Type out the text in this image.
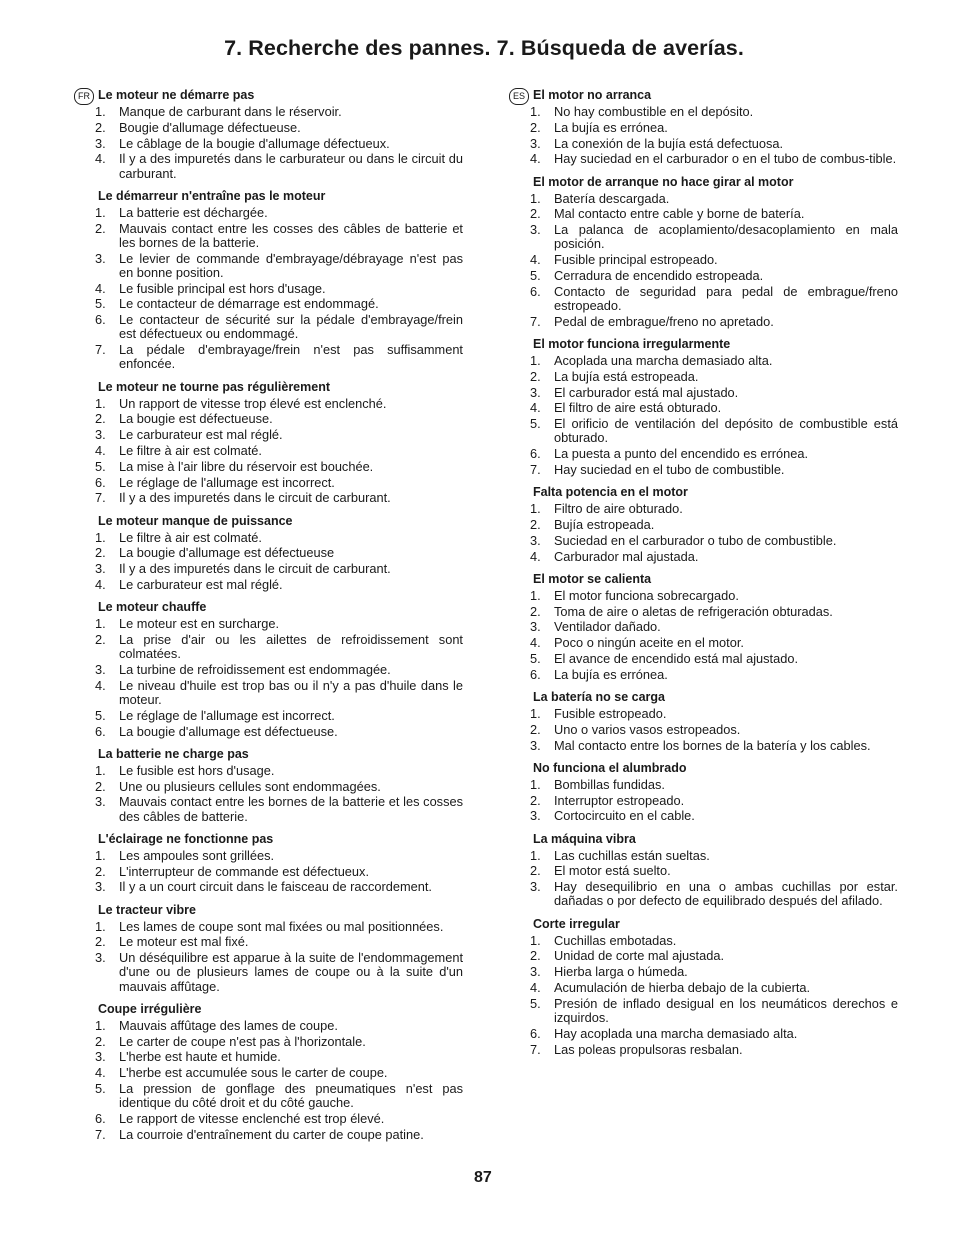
7. Recherche des pannes. 7. Búsqueda de averías.
FR Le moteur ne démarre pas
1. Manque de carburant dans le réservoir.
2. Bougie d'allumage défectueuse.
3. Le câblage de la bougie d'allumage défectueux.
4. Il y a des impuretés dans le carburateur ou dans le circuit du carburant.
Le démarreur n'entraîne pas le moteur
1. La batterie est déchargée.
2. Mauvais contact entre les cosses des câbles de batterie et les bornes de la batterie.
3. Le levier de commande d'embrayage/débrayage n'est pas en bonne position.
4. Le fusible principal est hors d'usage.
5. Le contacteur de démarrage est endommagé.
6. Le contacteur de sécurité sur la pédale d'embrayage/frein est défectueux ou endommagé.
7. La pédale d'embrayage/frein n'est pas suffisamment enfoncée.
Le moteur ne tourne pas régulièrement
1. Un rapport de vitesse trop élevé est enclenché.
2. La bougie est défectueuse.
3. Le carburateur est mal réglé.
4. Le filtre à air est colmaté.
5. La mise à l'air libre du réservoir est bouchée.
6. Le réglage de l'allumage est incorrect.
7. Il y a des impuretés dans le circuit de carburant.
Le moteur manque de puissance
1. Le filtre à air est colmaté.
2. La bougie d'allumage est défectueuse
3. Il y a des impuretés dans le circuit de carburant.
4. Le carburateur est mal réglé.
Le moteur chauffe
1. Le moteur est en surcharge.
2. La prise d'air ou les ailettes de refroidissement sont colmatées.
3. La turbine de refroidissement est endommagée.
4. Le niveau d'huile est trop bas ou il n'y a pas d'huile dans le moteur.
5. Le réglage de l'allumage est incorrect.
6. La bougie d'allumage est défectueuse.
La batterie ne charge pas
1. Le fusible est hors d'usage.
2. Une ou plusieurs cellules sont endommagées.
3. Mauvais contact entre les bornes de la batterie et les cosses des câbles de batterie.
L'éclairage ne fonctionne pas
1. Les ampoules sont grillées.
2. L'interrupteur de commande est défectueux.
3. Il y a un court circuit dans le faisceau de raccordement.
Le tracteur vibre
1. Les lames de coupe sont mal fixées ou mal positionnées.
2. Le moteur est mal fixé.
3. Un déséquilibre est apparue à la suite de l'endommagement d'une ou de plusieurs lames de coupe ou à la suite d'un mauvais affûtage.
Coupe irrégulière
1. Mauvais affûtage des lames de coupe.
2. Le carter de coupe n'est pas à l'horizontale.
3. L'herbe est haute et humide.
4. L'herbe est accumulée sous le carter de coupe.
5. La pression de gonflage des pneumatiques n'est pas identique du côté droit et du côté gauche.
6. Le rapport de vitesse enclenché est trop élevé.
7. La courroie d'entraînement du carter de coupe patine.
ES El motor no arranca
1. No hay combustible en el depósito.
2. La bujía es errónea.
3. La conexión de la bujía está defectuosa.
4. Hay suciedad en el carburador o en el tubo de combus-tible.
El motor de arranque no hace girar al motor
1. Batería descargada.
2. Mal contacto entre cable y borne de batería.
3. La palanca de acoplamiento/desacoplamiento en mala posición.
4. Fusible principal estropeado.
5. Cerradura de encendido estropeada.
6. Contacto de seguridad para pedal de embrague/freno estropeado.
7. Pedal de embrague/freno no apretado.
El motor funciona irregularmente
1. Acoplada una marcha demasiado alta.
2. La bujía está estropeada.
3. El carburador está mal ajustado.
4. El filtro de aire está obturado.
5. El orificio de ventilación del depósito de combustible está obturado.
6. La puesta a punto del encendido es errónea.
7. Hay suciedad en el tubo de combustible.
Falta potencia en el motor
1. Filtro de aire obturado.
2. Bujía estropeada.
3. Suciedad en el carburador o tubo de combustible.
4. Carburador mal ajustada.
El motor se calienta
1. El motor funciona sobrecargado.
2. Toma de aire o aletas de refrigeración obturadas.
3. Ventilador dañado.
4. Poco o ningún aceite en el motor.
5. El avance de encendido está mal ajustado.
6. La bujía es errónea.
La batería no se carga
1. Fusible estropeado.
2. Uno o varios vasos estropeados.
3. Mal contacto entre los bornes de la batería y los cables.
No funciona el alumbrado
1. Bombillas fundidas.
2. Interruptor estropeado.
3. Cortocircuito en el cable.
La máquina vibra
1. Las cuchillas están sueltas.
2. El motor está suelto.
3. Hay desequilibrio en una o ambas cuchillas por estar. dañadas o por defecto de equilibrado después del afilado.
Corte irregular
1. Cuchillas embotadas.
2. Unidad de corte mal ajustada.
3. Hierba larga o húmeda.
4. Acumulación de hierba debajo de la cubierta.
5. Presión de inflado desigual en los neumáticos derechos e izquirdos.
6. Hay acoplada una marcha demasiado alta.
7. Las poleas propulsoras resbalan.
87
